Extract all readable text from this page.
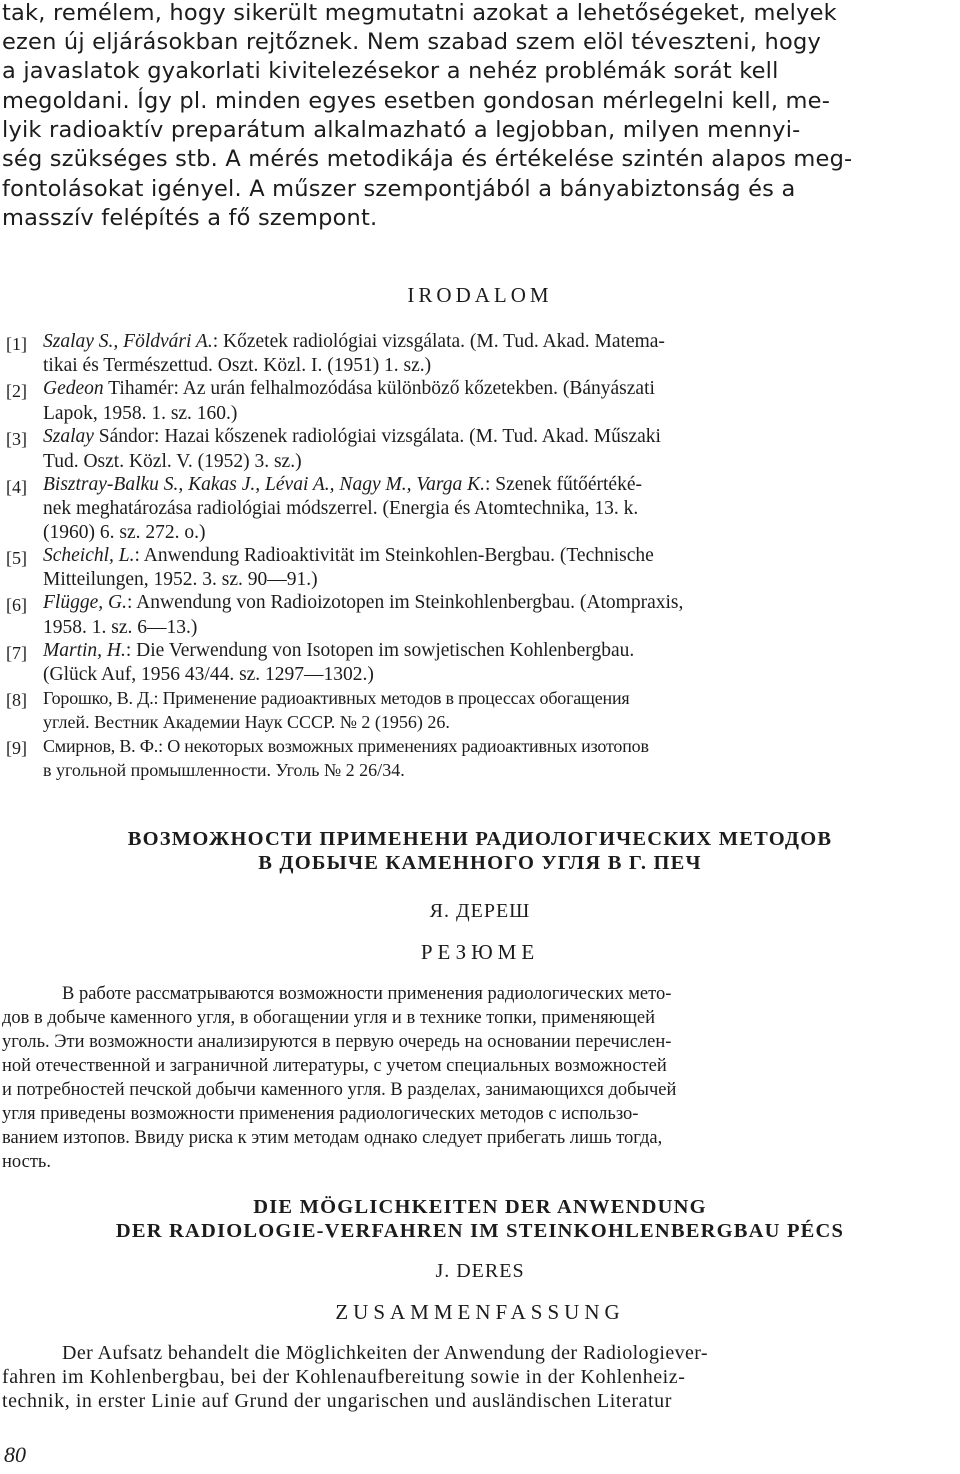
tak, remélem, hogy sikerült megmutatni azokat a lehetőségeket, melyek
ezen új eljárásokban rejtőznek. Nem szabad szem elöl téveszteni, hogy
a javaslatok gyakorlati kivitelezésekor a nehéz problémák sorát kell
megoldani. Így pl. minden egyes esetben gondosan mérlegelni kell, me-
lyik radioaktív preparátum alkalmazható a legjobban, milyen mennyi-
ség szükséges stb. A mérés metodikája és értékelése szintén alapos meg-
fontolásokat igényel. A műszer szempontjából a bányabiztonság és a
masszív felépítés a fő szempont.
IRODALOM
[1] Szalay S., Földvári A.: Kőzetek radiológiai vizsgálata. (M. Tud. Akad. Matema-
tikai és Természettud. Oszt. Közl. I. (1951) 1. sz.)
[2] Gedeon Tihamér: Az urán felhalmozódása különböző kőzetekben. (Bányászati
Lapok, 1958. 1. sz. 160.)
[3] Szalay Sándor: Hazai kőszenek radiológiai vizsgálata. (M. Tud. Akad. Műszaki
Tud. Oszt. Közl. V. (1952) 3. sz.)
[4] Bisztray-Balku S., Kakas J., Lévai A., Nagy M., Varga K.: Szenek fűtőértéké-
nek meghatározása radiológiai módszerrel. (Energia és Atomtechnika, 13. k.
(1960) 6. sz. 272. o.)
[5] Scheichl, L.: Anwendung Radioaktivität im Steinkohlen-Bergbau. (Technische
Mitteilungen, 1952. 3. sz. 90—91.)
[6] Flügge, G.: Anwendung von Radioizotopen im Steinkohlenbergbau. (Atompraxis,
1958. 1. sz. 6—13.)
[7] Martin, H.: Die Verwendung von Isotopen im sowjetischen Kohlenbergbau.
(Glück Auf, 1956 43/44. sz. 1297—1302.)
[8] Горошко, В. Д.: Применение радиоактивных методов в процессах обогащения
углей. Вестник Академии Наук СССР. № 2 (1956) 26.
[9] Смирнов, В. Ф.: О некоторых возможных применениях радиоактивных изотопов
в угольной промышленности. Уголь № 2 26/34.
ВОЗМОЖНОСТИ ПРИМЕНЕНИ РАДИОЛОГИЧЕСКИХ МЕТОДОВ
В ДОБЫЧЕ КАМЕННОГО УГЛЯ В Г. ПЕЧ
Я. ДЕРЕШ
РЕЗЮМЕ
В работе рассматрываются возможности применения радиологических мето-
дов в добыче каменного угля, в обогащении угля и в технике топки, применяющей
уголь. Эти возможности анализируются в первую очередь на основании перечислен-
ной отечественной и заграничной литературы, с учетом специальных возможностей
и потребностей печской добычи каменного угля. В разделах, занимающихся добычей
угля приведены возможности применения радиологических методов с использо-
ванием изтопов. Ввиду риска к этим методам однако следует прибегать лишь тогда,
ность.
DIE MÖGLICHKEITEN DER ANWENDUNG
DER RADIOLOGIE-VERFAHREN IM STEINKOHLENBERGBAU PÉCS
J. DERES
ZUSAMMENFASSUNG
Der Aufsatz behandelt die Möglichkeiten der Anwendung der Radiologiever-
fahren im Kohlenbergbau, bei der Kohlenaufbereitung sowie in der Kohlenheiz-
technik, in erster Linie auf Grund der ungarischen und ausländischen Literatur
80
